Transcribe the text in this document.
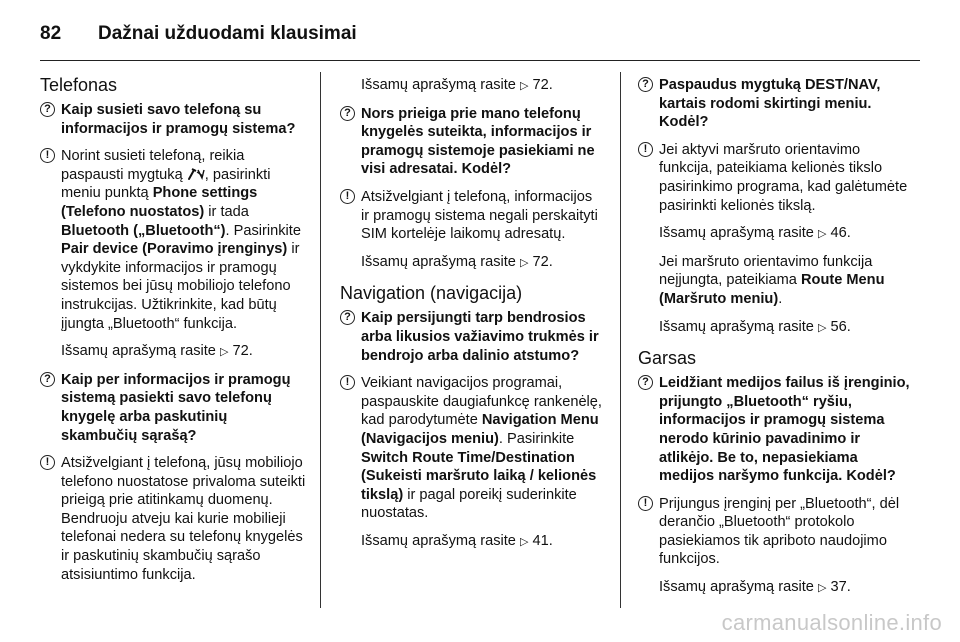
82	Dažnai užduodami klausimai
Telefonas
? Kaip susieti savo telefoną su informacijos ir pramogų sistema?
! Norint susieti telefoną, reikia paspausti mygtuką , pasirinkti meniu punktą Phone settings (Telefono nuostatos) ir tada Bluetooth („Bluetooth“). Pasirinkite Pair device (Poravimo įrenginys) ir vykdykite informacijos ir pramogų sistemos bei jūsų mobiliojo telefono instrukcijas. Užtikrinkite, kad būtų įjungta „Bluetooth“ funkcija.
Išsamų aprašymą rasite ▷ 72.
? Kaip per informacijos ir pramogų sistemą pasiekti savo telefonų knygelę arba paskutinių skambučių sąrašą?
! Atsižvelgiant į telefoną, jūsų mobiliojo telefono nuostatose privaloma suteikti prieigą prie atitinkamų duomenų. Bendruoju atveju kai kurie mobilieji telefonai nedera su telefonų knygelės ir paskutinių skambučių sąrašo atsisiuntimo funkcija.
Išsamų aprašymą rasite ▷ 72.
? Nors prieiga prie mano telefonų knygelės suteikta, informacijos ir pramogų sistemoje pasiekiami ne visi adresatai. Kodėl?
! Atsižvelgiant į telefoną, informacijos ir pramogų sistema negali perskaityti SIM kortelėje laikomų adresatų.
Išsamų aprašymą rasite ▷ 72.
Navigation (navigacija)
? Kaip persijungti tarp bendrosios arba likusios važiavimo trukmės ir bendrojo arba dalinio atstumo?
! Veikiant navigacijos programai, paspauskite daugiafunkcę rankenėlę, kad parodytumėte Navigation Menu (Navigacijos meniu). Pasirinkite Switch Route Time/Destination (Sukeisti maršruto laiką / kelionės tikslą) ir pagal poreikį suderinkite nuostatas.
Išsamų aprašymą rasite ▷ 41.
? Paspaudus mygtuką DEST/NAV, kartais rodomi skirtingi meniu. Kodėl?
! Jei aktyvi maršruto orientavimo funkcija, pateikiama kelionės tikslo pasirinkimo programa, kad galėtumėte pasirinkti kelionės tikslą.
Išsamų aprašymą rasite ▷ 46.
Jei maršruto orientavimo funkcija neįjungta, pateikiama Route Menu (Maršruto meniu).
Išsamų aprašymą rasite ▷ 56.
Garsas
? Leidžiant medijos failus iš įrenginio, prijungto „Bluetooth“ ryšiu, informacijos ir pramogų sistema nerodo kūrinio pavadinimo ir atlikėjo. Be to, nepasiekiama medijos naršymo funkcija. Kodėl?
! Prijungus įrenginį per „Bluetooth“, dėl derančio „Bluetooth“ protokolo pasiekiamos tik apriboto naudojimo funkcijos.
Išsamų aprašymą rasite ▷ 37.
carmanualsonline.info
